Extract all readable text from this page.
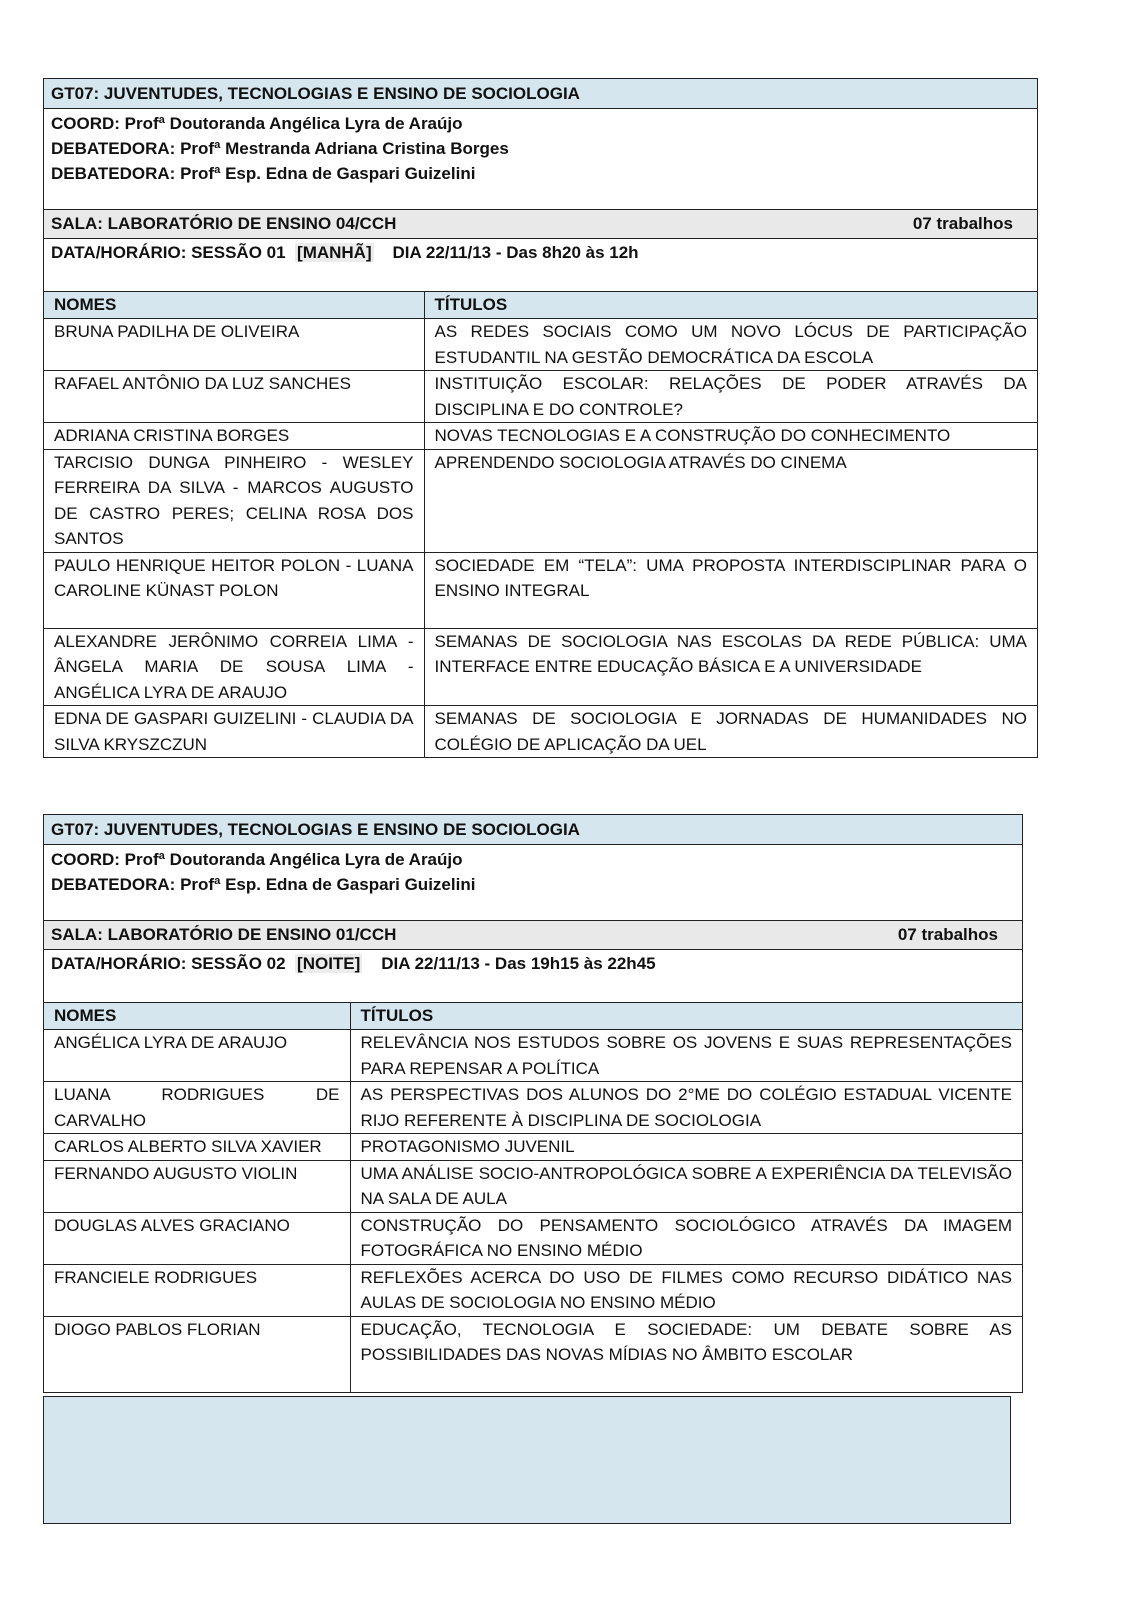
GT07: JUVENTUDES, TECNOLOGIAS E ENSINO DE SOCIOLOGIA
COORD: Profª Doutoranda Angélica Lyra de Araújo
DEBATEDORA: Profª Mestranda Adriana Cristina Borges
DEBATEDORA: Profª Esp. Edna de Gaspari Guizelini
SALA: LABORATÓRIO DE ENSINO 04/CCH	07 trabalhos
DATA/HORÁRIO: SESSÃO 01 [MANHÃ] DIA 22/11/13 - Das 8h20 às 12h
NOMES	TÍTULOS
BRUNA PADILHA DE OLIVEIRA	AS REDES SOCIAIS COMO UM NOVO LÓCUS DE PARTICIPAÇÃO ESTUDANTIL NA GESTÃO DEMOCRÁTICA DA ESCOLA
RAFAEL ANTÔNIO DA LUZ SANCHES	INSTITUIÇÃO ESCOLAR: RELAÇÕES DE PODER ATRAVÉS DA DISCIPLINA E DO CONTROLE?
ADRIANA CRISTINA BORGES	NOVAS TECNOLOGIAS E A CONSTRUÇÃO DO CONHECIMENTO
TARCISIO DUNGA PINHEIRO - WESLEY FERREIRA DA SILVA - MARCOS AUGUSTO DE CASTRO PERES; CELINA ROSA DOS SANTOS	APRENDENDO SOCIOLOGIA ATRAVÉS DO CINEMA
PAULO HENRIQUE HEITOR POLON - LUANA CAROLINE KÜNAST POLON	SOCIEDADE EM “TELA”: UMA PROPOSTA INTERDISCIPLINAR PARA O ENSINO INTEGRAL
ALEXANDRE JERÔNIMO CORREIA LIMA - ÂNGELA MARIA DE SOUSA LIMA - ANGÉLICA LYRA DE ARAUJO	SEMANAS DE SOCIOLOGIA NAS ESCOLAS DA REDE PÚBLICA: UMA INTERFACE ENTRE EDUCAÇÃO BÁSICA E A UNIVERSIDADE
EDNA DE GASPARI GUIZELINI - CLAUDIA DA SILVA KRYSZCZUN	SEMANAS DE SOCIOLOGIA E JORNADAS DE HUMANIDADES NO COLÉGIO DE APLICAÇÃO DA UEL
GT07: JUVENTUDES, TECNOLOGIAS E ENSINO DE SOCIOLOGIA
COORD: Profª Doutoranda Angélica Lyra de Araújo
DEBATEDORA: Profª Esp. Edna de Gaspari Guizelini
SALA: LABORATÓRIO DE ENSINO 01/CCH	07 trabalhos
DATA/HORÁRIO: SESSÃO 02 [NOITE] DIA 22/11/13 - Das 19h15 às 22h45
NOMES	TÍTULOS
ANGÉLICA LYRA DE ARAUJO	RELEVÂNCIA NOS ESTUDOS SOBRE OS JOVENS E SUAS REPRESENTAÇÕES PARA REPENSAR A POLÍTICA
LUANA RODRIGUES DE CARVALHO	AS PERSPECTIVAS DOS ALUNOS DO 2°ME DO COLÉGIO ESTADUAL VICENTE RIJO REFERENTE À DISCIPLINA DE SOCIOLOGIA
CARLOS ALBERTO SILVA XAVIER	PROTAGONISMO JUVENIL
FERNANDO AUGUSTO VIOLIN	UMA ANÁLISE SOCIO-ANTROPOLÓGICA SOBRE A EXPERIÊNCIA DA TELEVISÃO NA SALA DE AULA
DOUGLAS ALVES GRACIANO	CONSTRUÇÃO DO PENSAMENTO SOCIOLÓGICO ATRAVÉS DA IMAGEM FOTOGRÁFICA NO ENSINO MÉDIO
FRANCIELE RODRIGUES	REFLEXÕES ACERCA DO USO DE FILMES COMO RECURSO DIDÁTICO NAS AULAS DE SOCIOLOGIA NO ENSINO MÉDIO
DIOGO PABLOS FLORIAN	EDUCAÇÃO, TECNOLOGIA E SOCIEDADE: UM DEBATE SOBRE AS POSSIBILIDADES DAS NOVAS MÍDIAS NO ÂMBITO ESCOLAR
